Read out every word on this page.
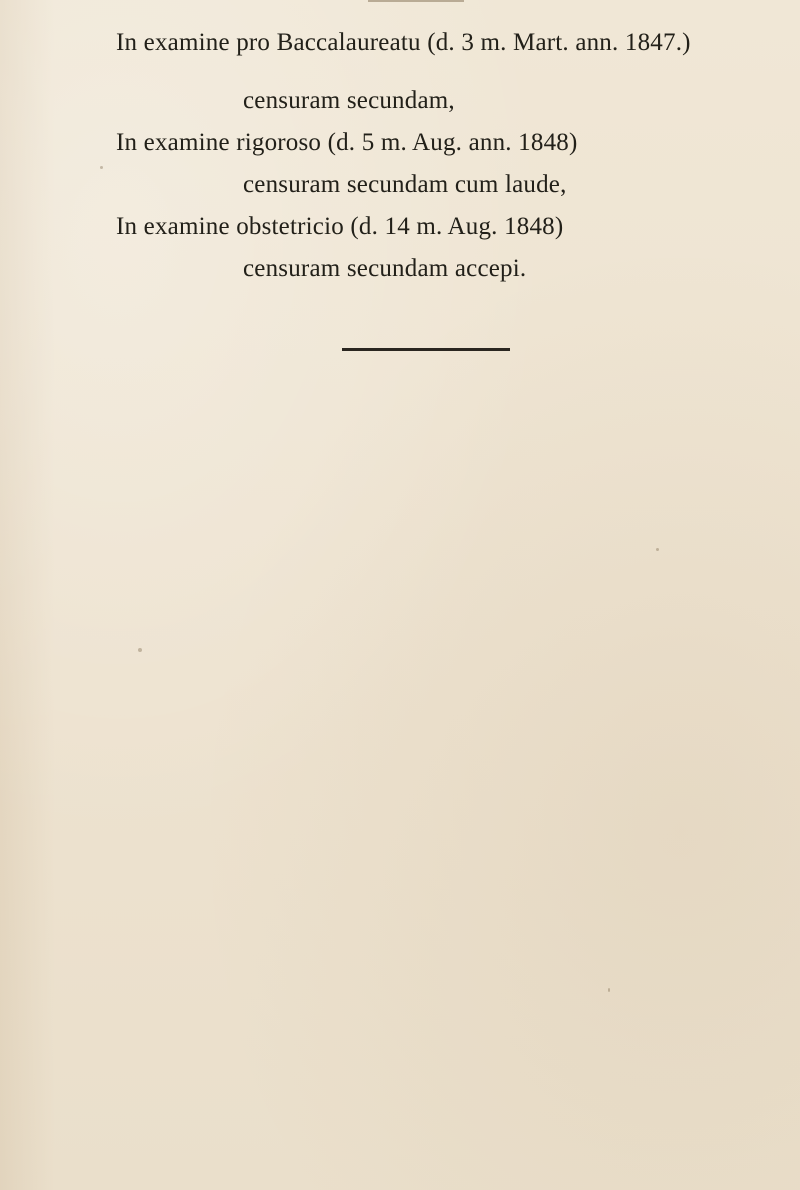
In examine pro Baccalaureatu (d. 3 m. Mart. ann. 1847.)
censuram secundam,
In examine rigoroso (d. 5 m. Aug. ann. 1848)
censuram secundam cum laude,
In examine obstetricio (d. 14 m. Aug. 1848)
censuram secundam accepi.
